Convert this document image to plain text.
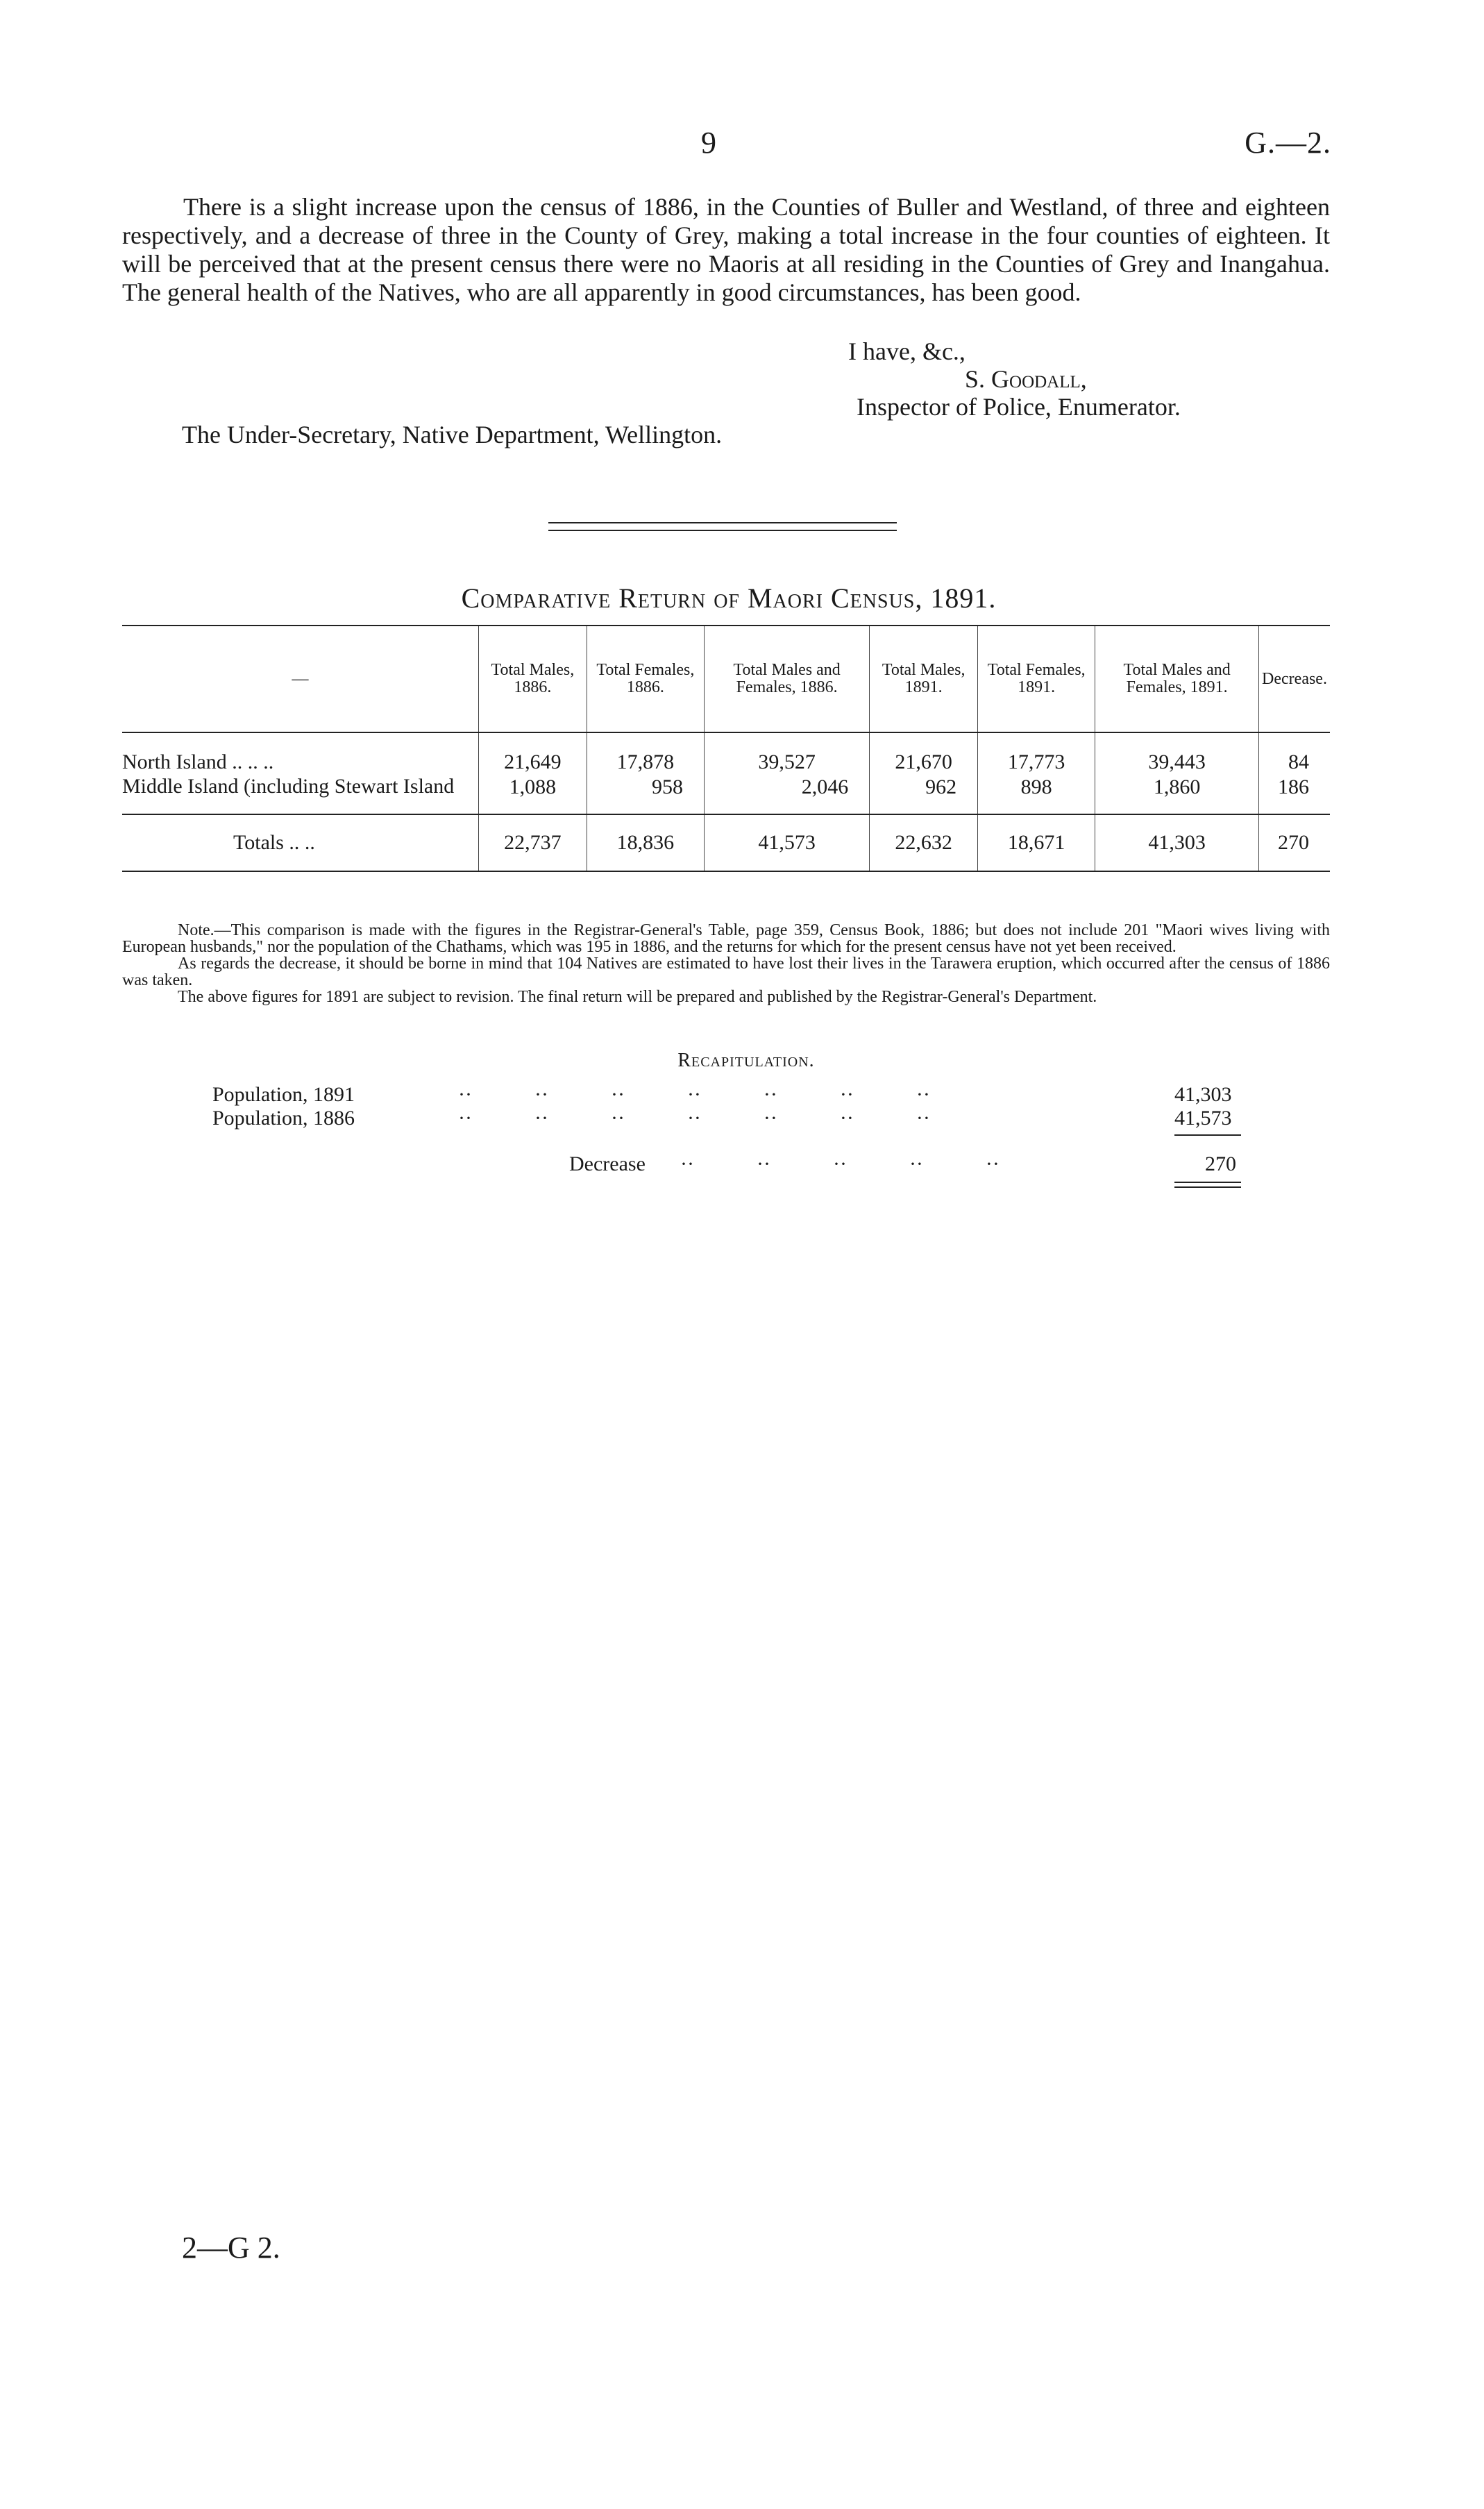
9	G.—2.

There is a slight increase upon the census of 1886, in the Counties of Buller and Westland, of three and eighteen respectively, and a decrease of three in the County of Grey, making a total increase in the four counties of eighteen. It will be perceived that at the present census there were no Maoris at all residing in the Counties of Grey and Inangahua. The general health of the Natives, who are all apparently in good circumstances, has been good.

I have, &c.,
S. Goodall,
Inspector of Police, Enumerator.
The Under-Secretary, Native Department, Wellington.
Comparative Return of Maori Census, 1891.
—	Total Males, 1886.	Total Females, 1886.	Total Males and Females, 1886.	Total Males, 1891.	Total Females, 1891.	Total Males and Females, 1891.	Decrease.

North Island .. .. ..	21,649	17,878	39,527	21,670	17,773	39,443	84
Middle Island (including Stewart Island	1,088	958	2,046	962	898	1,860	186
Totals .. ..	22,737	18,836	41,573	22,632	18,671	41,303	270

Note.—This comparison is made with the figures in the Registrar-General's Table, page 359, Census Book, 1886; but does not include 201 "Maori wives living with European husbands," nor the population of the Chathams, which was 195 in 1886, and the returns for which for the present census have not yet been received.

As regards the decrease, it should be borne in mind that 104 Natives are estimated to have lost their lives in the Tarawera eruption, which occurred after the census of 1886 was taken.

The above figures for 1891 are subject to revision. The final return will be prepared and published by the Registrar-General's Department.

Recapitulation.
Population, 1891	··            ··            ··            ··            ··            ··            ··	41,303
Population, 1886	··            ··            ··            ··            ··            ··            ··	41,573
Decrease ··            ··            ··            ··            ··	270
2—G 2.
